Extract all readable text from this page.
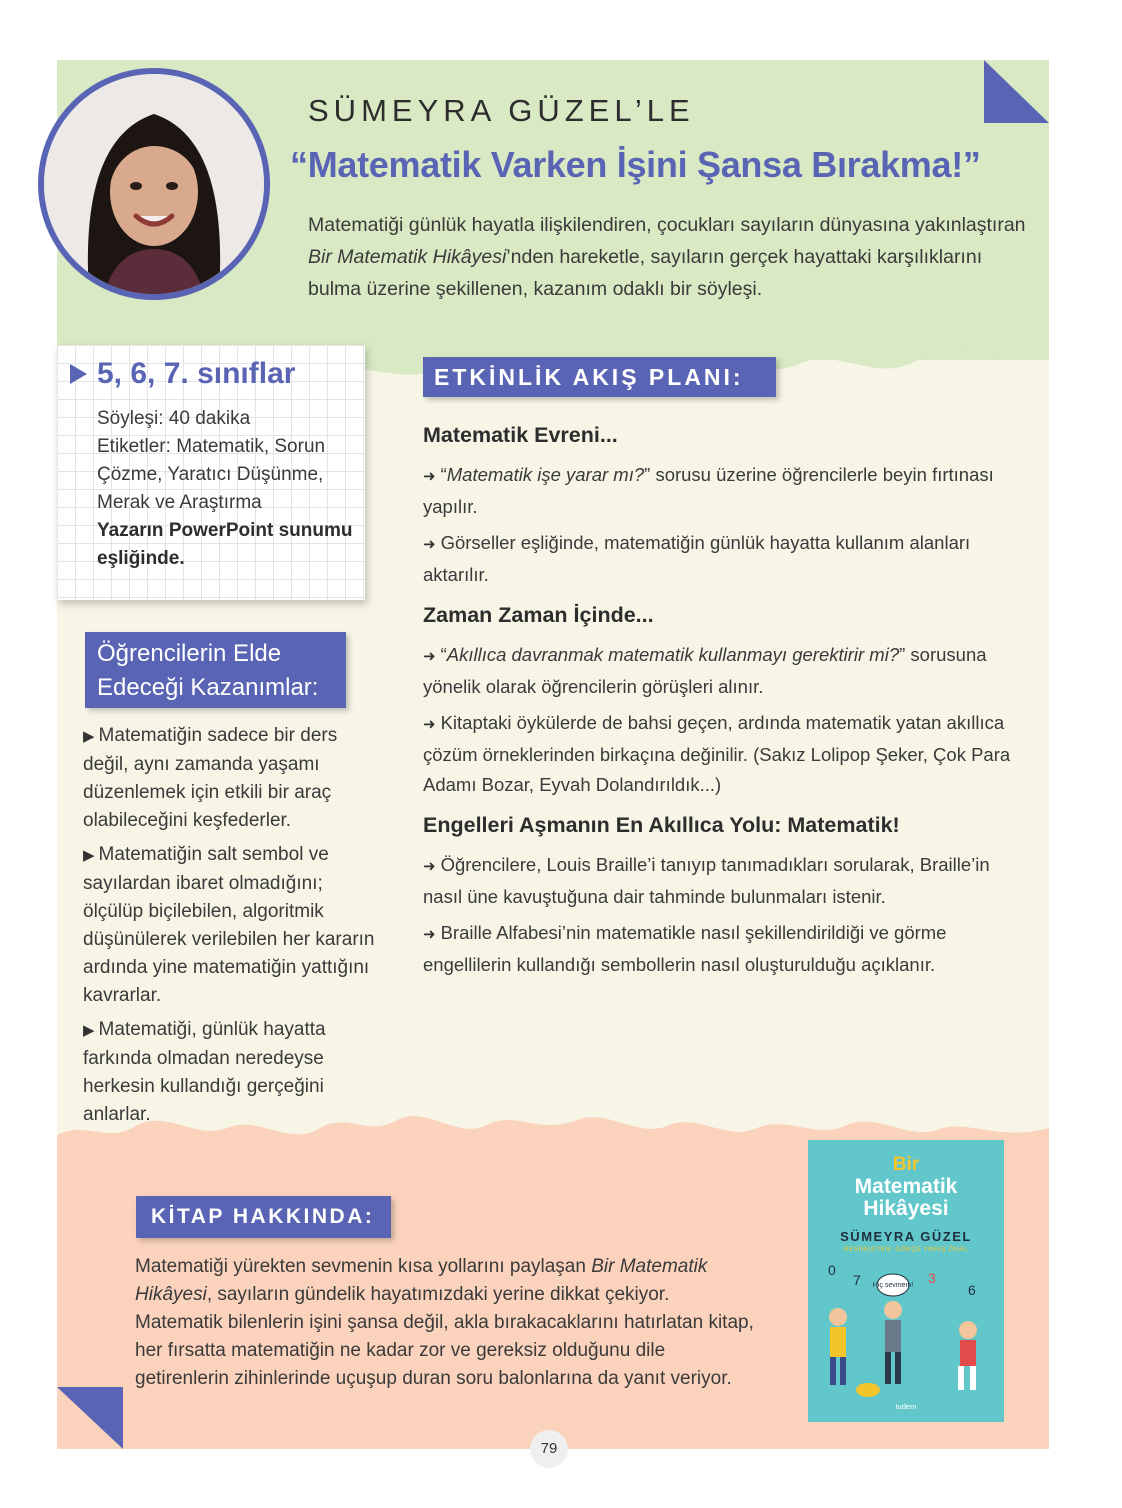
SÜMEYRA GÜZEL’LE
“Matematik Varken İşini Şansa Bırakma!”

Matematiği günlük hayatla ilişkilendiren, çocukları sayıların dünyasına yakınlaştıran Bir Matematik Hikâyesi’nden hareketle, sayıların gerçek hayattaki karşılıklarını bulma üzerine şekillenen, kazanım odaklı bir söyleşi.

5, 6, 7. sınıflar
Söyleşi: 40 dakika
Etiketler: Matematik, Sorun Çözme, Yaratıcı Düşünme, Merak ve Araştırma
Yazarın PowerPoint sunumu eşliğinde.
Öğrencilerin Elde Edeceği Kazanımlar:
▶ Matematiğin sadece bir ders değil, aynı zamanda yaşamı düzenlemek için etkili bir araç olabileceğini keşfederler.
▶ Matematiğin salt sembol ve sayılardan ibaret olmadığını; ölçülüp biçilebilen, algoritmik düşünülerek verilebilen her kararın ardında yine matematiğin yattığını kavrarlar.
▶ Matematiği, günlük hayatta farkında olmadan neredeyse herkesin kullandığı gerçeğini anlarlar.
ETKİNLİK AKIŞ PLANI:
Matematik Evreni...

➜ “Matematik işe yarar mı?” sorusu üzerine öğrencilerle beyin fırtınası yapılır.

➜ Görseller eşliğinde, matematiğin günlük hayatta kullanım alanları aktarılır.

Zaman Zaman İçinde...

➜ “Akıllıca davranmak matematik kullanmayı gerektirir mi?” sorusuna yönelik olarak öğrencilerin görüşleri alınır.

➜ Kitaptaki öykülerde de bahsi geçen, ardında matematik yatan akıllıca çözüm örneklerinden birkaçına değinilir. (Sakız Lolipop Şeker, Çok Para Adamı Bozar, Eyvah Dolandırıldık...)

Engelleri Aşmanın En Akıllıca Yolu: Matematik!

➜ Öğrencilere, Louis Braille’i tanıyıp tanımadıkları sorularak, Braille’in nasıl üne kavuştuğuna dair tahminde bulunmaları istenir.

➜ Braille Alfabesi’nin matematikle nasıl şekillendirildiği ve görme engellilerin kullandığı sembollerin nasıl oluşturulduğu açıklanır.

KİTAP HAKKINDA:

Matematiği yürekten sevmenin kısa yollarını paylaşan Bir Matematik Hikâyesi, sayıların gündelik hayatımızdaki yerine dikkat çekiyor. Matematik bilenlerin işini şansa değil, akla bırakacaklarını hatırlatan kitap, her fırsatta matematiğin ne kadar zor ve gereksiz olduğunu dile getirenlerin zihinlerinde uçuşup duran soru balonlarına da yanıt veriyor.

Bir
Matematik
Hikâyesi
SÜMEYRA GÜZEL
RESİMLEYEN: GÖKÇE YAVAŞ ÖNAL
Hiç sevmem!
0
7	3
6
tudem
79
